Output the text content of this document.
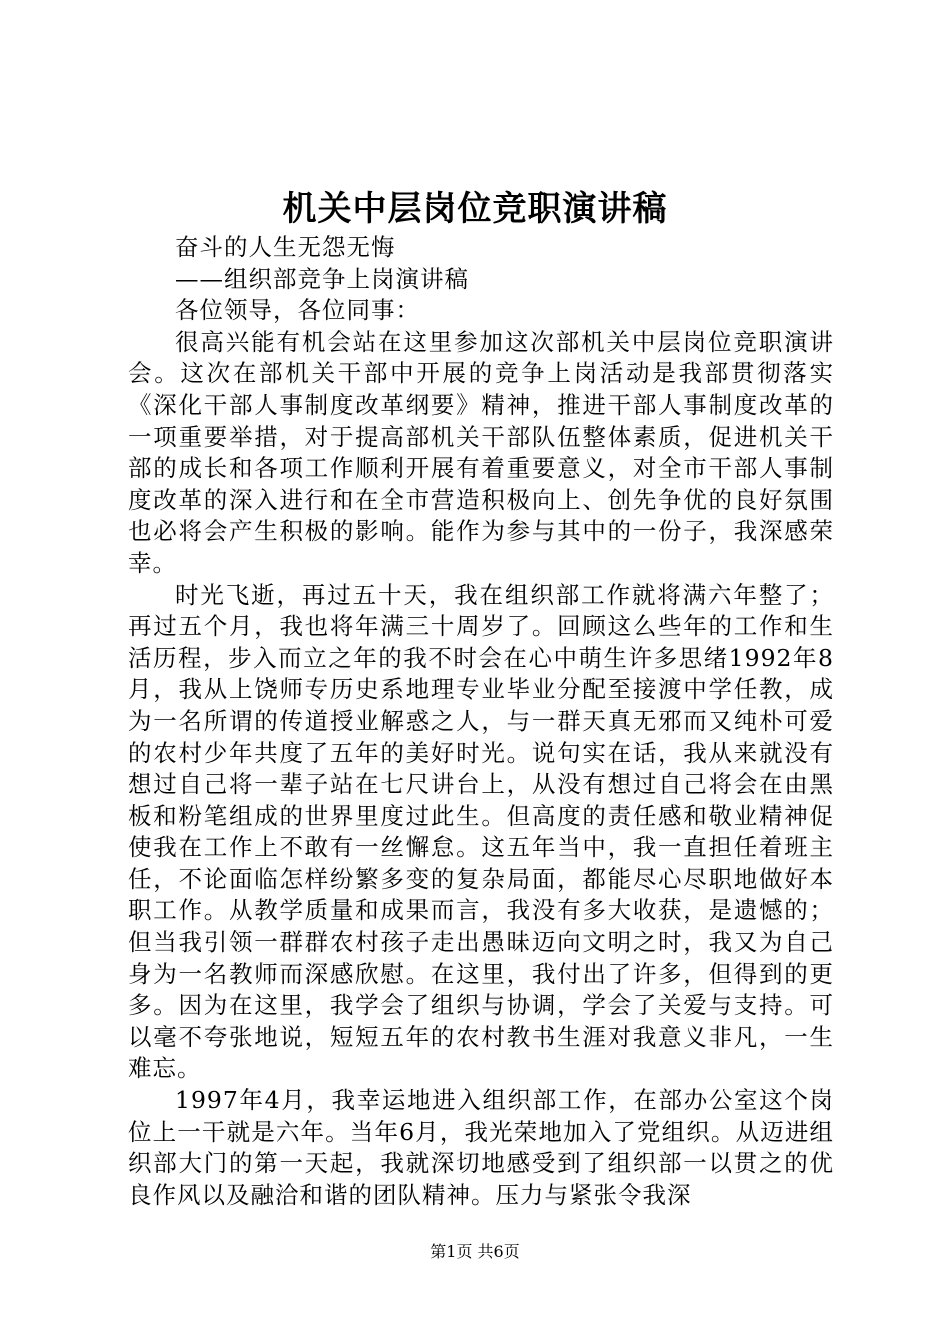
机关中层岗位竞职演讲稿

奋斗的人生无怨无悔

——组织部竞争上岗演讲稿

各位领导，各位同事：

很高兴能有机会站在这里参加这次部机关中层岗位竞职演讲会。这次在部机关干部中开展的竞争上岗活动是我部贯彻落实《深化干部人事制度改革纲要》精神，推进干部人事制度改革的一项重要举措，对于提高部机关干部队伍整体素质，促进机关干部的成长和各项工作顺利开展有着重要意义，对全市干部人事制度改革的深入进行和在全市营造积极向上、创先争优的良好氛围也必将会产生积极的影响。能作为参与其中的一份子，我深感荣幸。

时光飞逝，再过五十天，我在组织部工作就将满六年整了；再过五个月，我也将年满三十周岁了。回顾这么些年的工作和生活历程，步入而立之年的我不时会在心中萌生许多思绪1992年8月，我从上饶师专历史系地理专业毕业分配至接渡中学任教，成为一名所谓的传道授业解惑之人，与一群天真无邪而又纯朴可爱的农村少年共度了五年的美好时光。说句实在话，我从来就没有想过自己将一辈子站在七尺讲台上，从没有想过自己将会在由黑板和粉笔组成的世界里度过此生。但高度的责任感和敬业精神促使我在工作上不敢有一丝懈怠。这五年当中，我一直担任着班主任，不论面临怎样纷繁多变的复杂局面，都能尽心尽职地做好本职工作。从教学质量和成果而言，我没有多大收获，是遗憾的；但当我引领一群群农村孩子走出愚昧迈向文明之时，我又为自己身为一名教师而深感欣慰。在这里，我付出了许多，但得到的更多。因为在这里，我学会了组织与协调，学会了关爱与支持。可以毫不夸张地说，短短五年的农村教书生涯对我意义非凡，一生难忘。

1997年4月，我幸运地进入组织部工作，在部办公室这个岗位上一干就是六年。当年6月，我光荣地加入了党组织。从迈进组织部大门的第一天起，我就深切地感受到了组织部一以贯之的优良作风以及融洽和谐的团队精神。压力与紧张令我深

第1页 共6页
